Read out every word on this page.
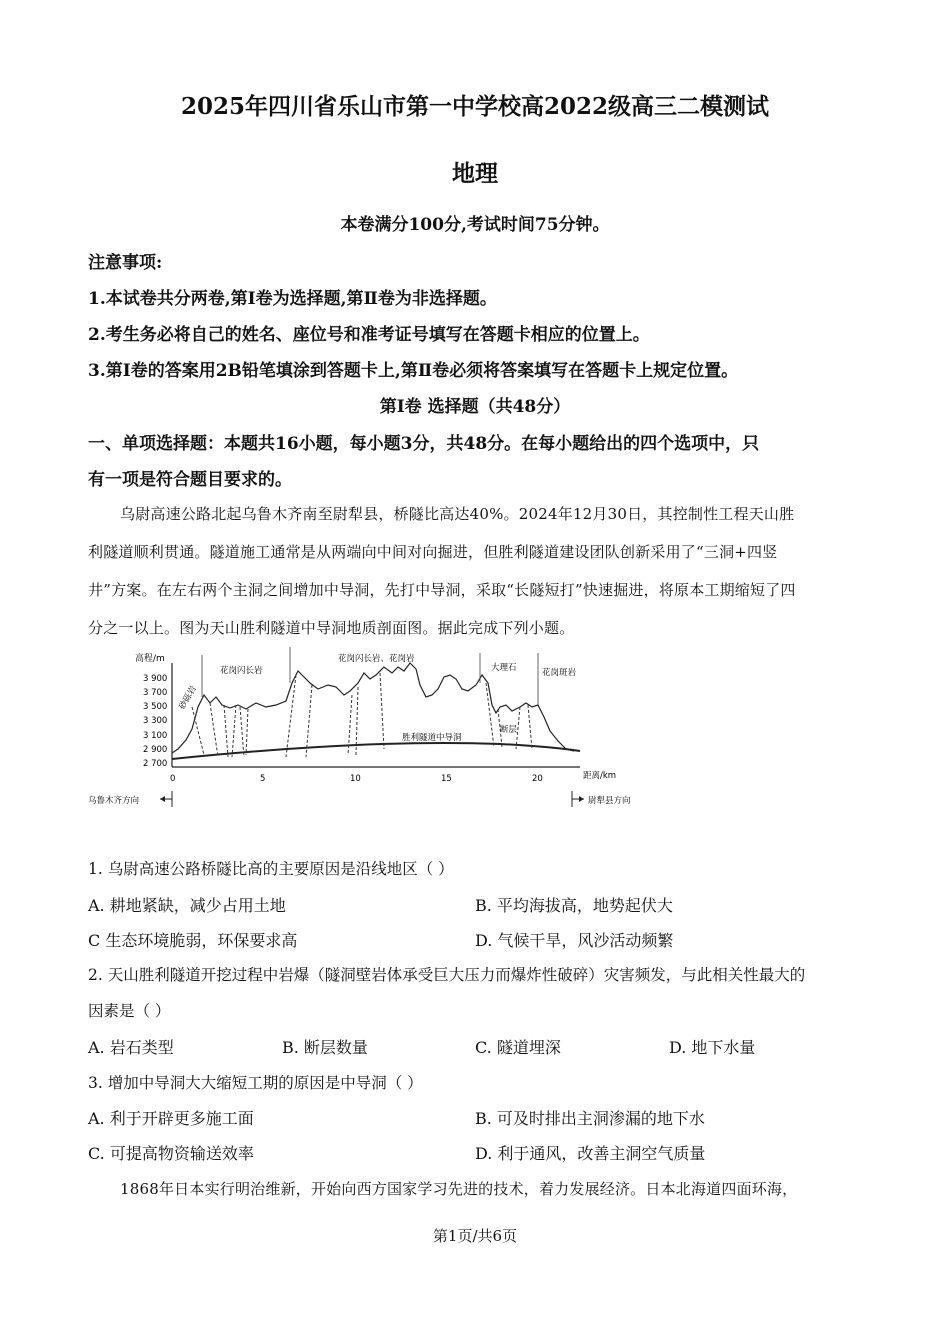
2025年四川省乐山市第一中学校高2022级高三二模测试
地理
本卷满分100分,考试时间75分钟。
注意事项:
1.本试卷共分两卷,第Ⅰ卷为选择题,第Ⅱ卷为非选择题。
2.考生务必将自己的姓名、座位号和准考证号填写在答题卡相应的位置上。
3.第Ⅰ卷的答案用2B铅笔填涂到答题卡上,第Ⅱ卷必须将答案填写在答题卡上规定位置。
第Ⅰ卷 选择题（共48分）
一、单项选择题：本题共16小题，每小题3分，共48分。在每小题给出的四个选项中，只
有一项是符合题目要求的。
乌尉高速公路北起乌鲁木齐南至尉犁县，桥隧比高达40%。2024年12月30日，其控制性工程天山胜
利隧道顺利贯通。隧道施工通常是从两端向中间对向掘进，但胜利隧道建设团队创新采用了“三洞+四竖
井”方案。在左右两个主洞之间增加中导洞，先打中导洞，采取“长隧短打”快速掘进，将原本工期缩短了四
分之一以上。图为天山胜利隧道中导洞地质剖面图。据此完成下列小题。
高程/m
3 900
3 700
3 500
3 300
3 100
2 900
2 700
0	5	10	15	20	距离/km
砂砾岩
花岗闪长岩
花岗闪长岩、花岗岩
大理石	花岗斑岩
断层
胜利隧道中导洞
乌鲁木齐方向	尉犁县方向
1. 乌尉高速公路桥隧比高的主要原因是沿线地区（ ）
A. 耕地紧缺，减少占用土地	B. 平均海拔高，地势起伏大
C 生态环境脆弱，环保要求高	D. 气候干旱，风沙活动频繁
2. 天山胜利隧道开挖过程中岩爆（隧洞壁岩体承受巨大压力而爆炸性破碎）灾害频发，与此相关性最大的
因素是（ ）
A. 岩石类型	B. 断层数量	C. 隧道埋深	D. 地下水量
3. 增加中导洞大大缩短工期的原因是中导洞（ ）
A. 利于开辟更多施工面	B. 可及时排出主洞渗漏的地下水
C. 可提高物资输送效率	D. 利于通风，改善主洞空气质量
1868年日本实行明治维新，开始向西方国家学习先进的技术，着力发展经济。日本北海道四面环海，
第1页/共6页
